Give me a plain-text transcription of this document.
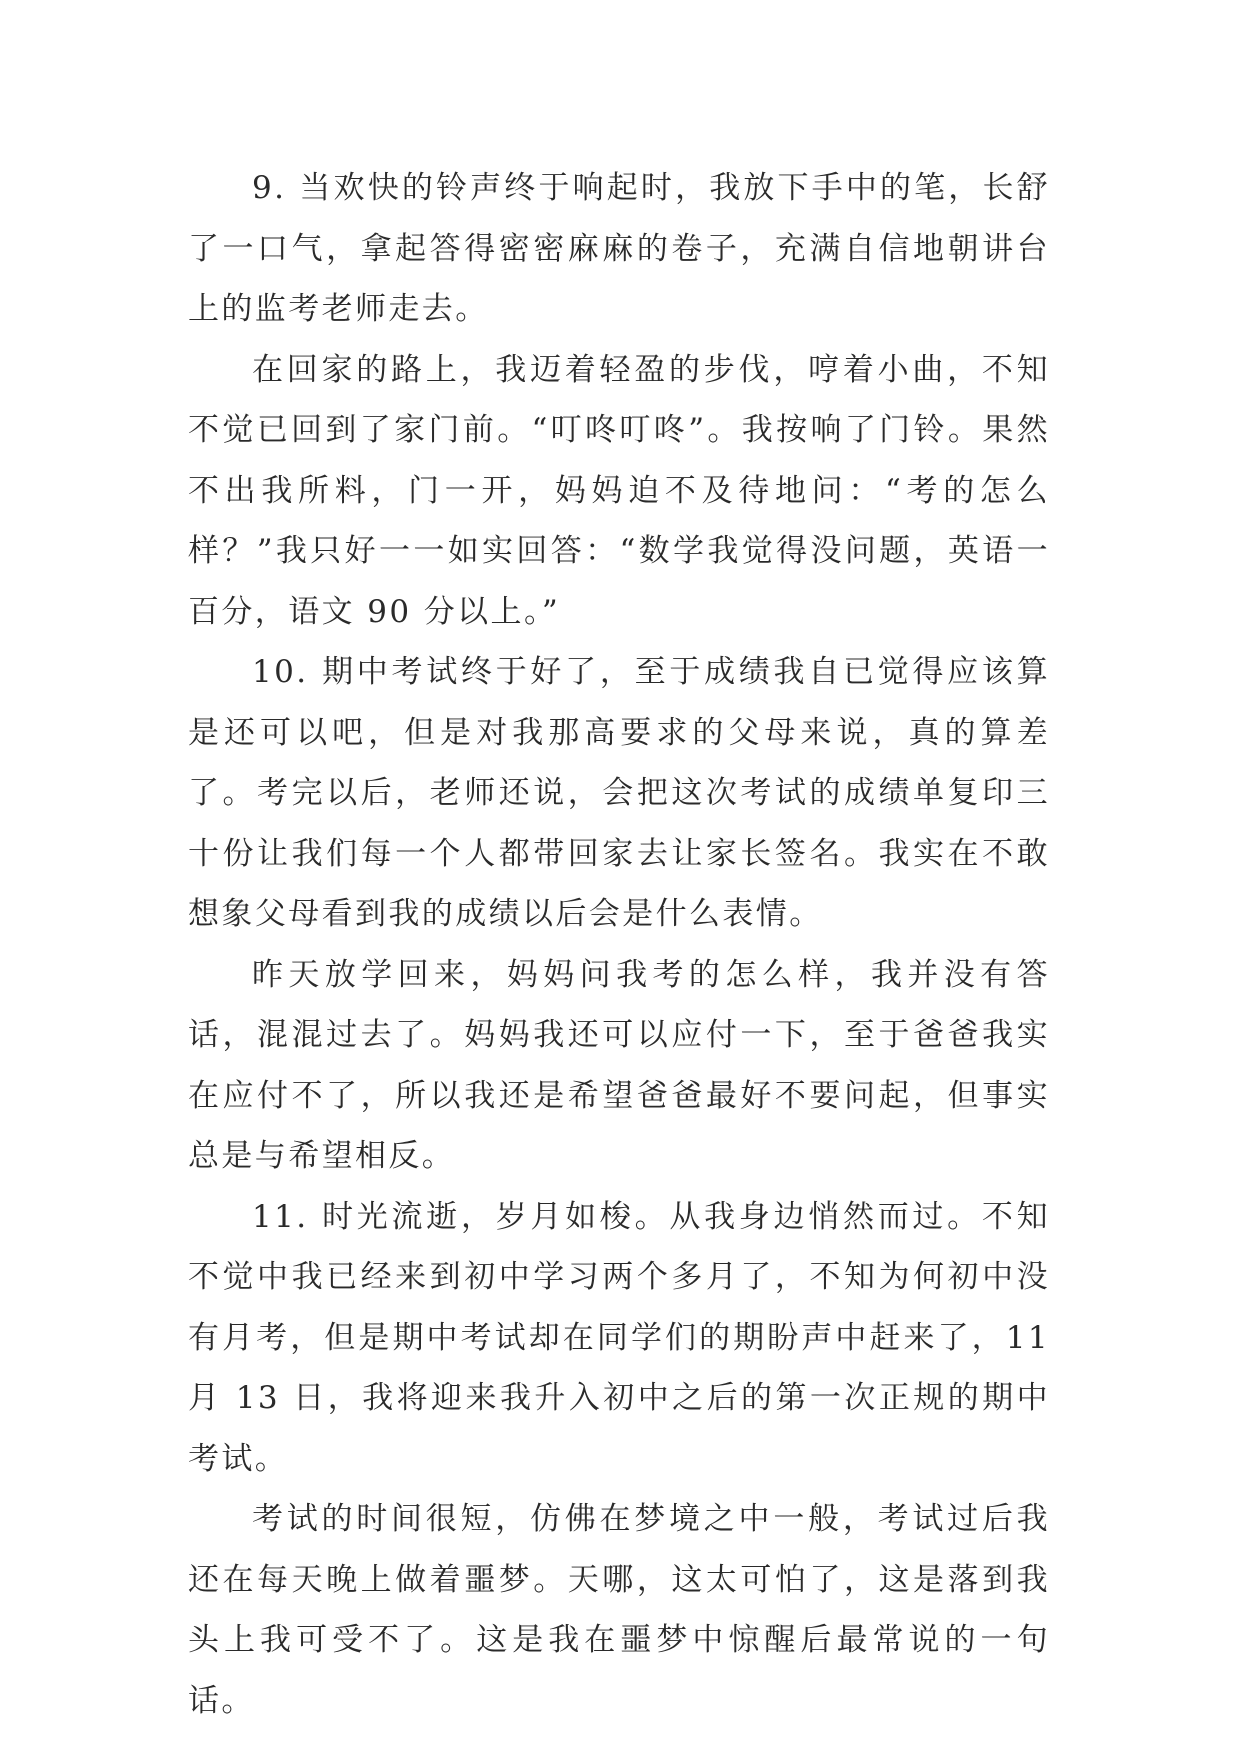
9. 当欢快的铃声终于响起时，我放下手中的笔，长舒了一口气，拿起答得密密麻麻的卷子，充满自信地朝讲台上的监考老师走去。

在回家的路上，我迈着轻盈的步伐，哼着小曲，不知不觉已回到了家门前。“叮咚叮咚”。我按响了门铃。果然不出我所料，门一开，妈妈迫不及待地问：“考的怎么样？”我只好一一如实回答：“数学我觉得没问题，英语一百分，语文 90 分以上。”

10. 期中考试终于好了，至于成绩我自已觉得应该算是还可以吧，但是对我那高要求的父母来说，真的算差了。考完以后，老师还说，会把这次考试的成绩单复印三十份让我们每一个人都带回家去让家长签名。我实在不敢想象父母看到我的成绩以后会是什么表情。

昨天放学回来，妈妈问我考的怎么样，我并没有答话，混混过去了。妈妈我还可以应付一下，至于爸爸我实在应付不了，所以我还是希望爸爸最好不要问起，但事实总是与希望相反。

11. 时光流逝，岁月如梭。从我身边悄然而过。不知不觉中我已经来到初中学习两个多月了，不知为何初中没有月考，但是期中考试却在同学们的期盼声中赶来了，11 月 13 日，我将迎来我升入初中之后的第一次正规的期中考试。

考试的时间很短，仿佛在梦境之中一般，考试过后我还在每天晚上做着噩梦。天哪，这太可怕了，这是落到我头上我可受不了。这是我在噩梦中惊醒后最常说的一句话。
